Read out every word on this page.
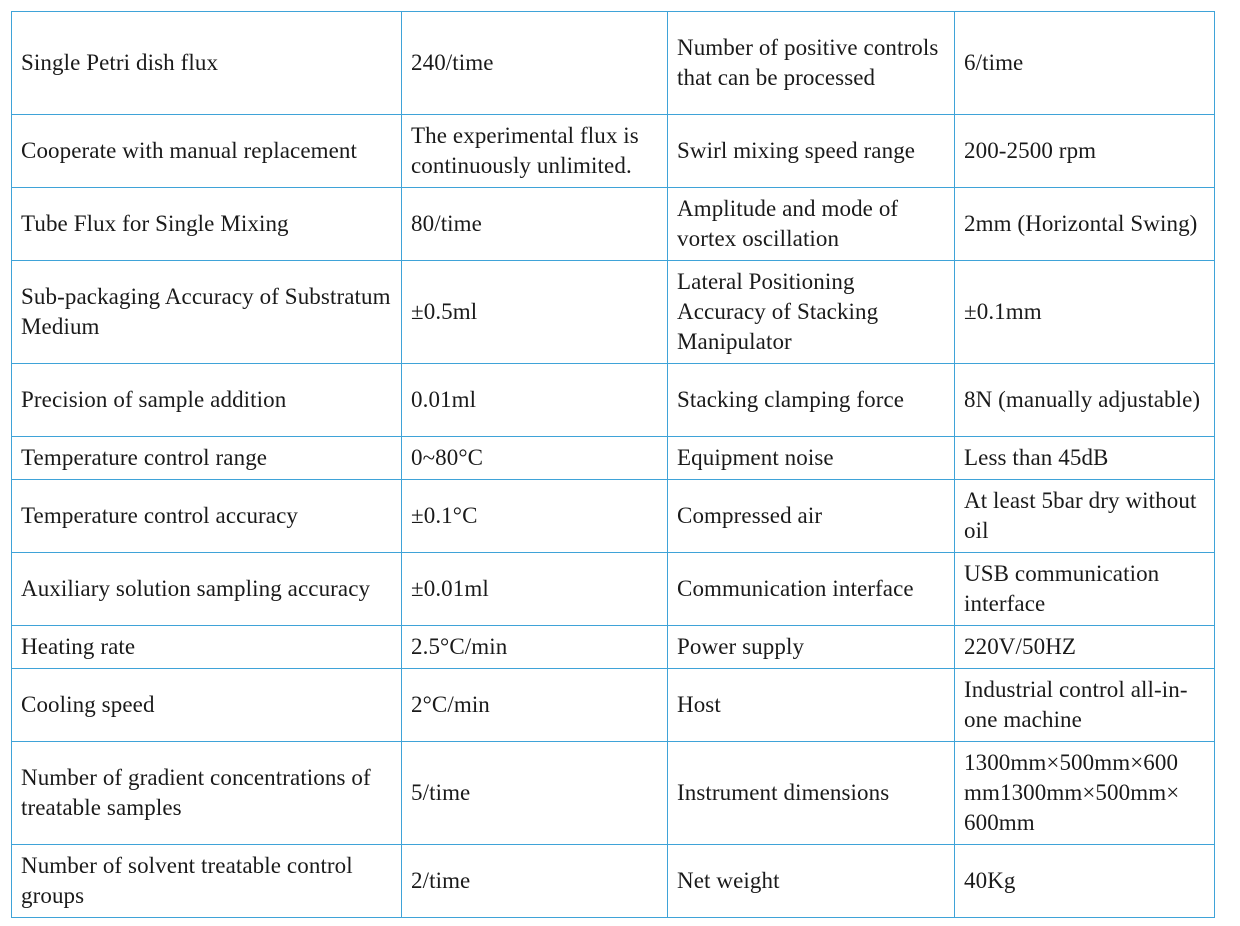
Single Petri dish flux	240/time	Number of positive controls that can be processed	6/time
Cooperate with manual replacement	The experimental flux is continuously unlimited.	Swirl mixing speed range	200-2500 rpm
Tube Flux for Single Mixing	80/time	Amplitude and mode of vortex oscillation	2mm (Horizontal Swing)
Sub-packaging Accuracy of Substratum Medium	±0.5ml	Lateral Positioning Accuracy of Stacking Manipulator	±0.1mm
Precision of sample addition	0.01ml	Stacking clamping force	8N (manually adjustable)
Temperature control range	0~80°C	Equipment noise	Less than 45dB
Temperature control accuracy	±0.1°C	Compressed air	At least 5bar dry without oil
Auxiliary solution sampling accuracy	±0.01ml	Communication interface	USB communication interface
Heating rate	2.5°C/min	Power supply	220V/50HZ
Cooling speed	2°C/min	Host	Industrial control all-in-one machine
Number of gradient concentrations of treatable samples	5/time	Instrument dimensions	1300mm×500mm×600 mm1300mm×500mm× 600mm
Number of solvent treatable control groups	2/time	Net weight	40Kg
